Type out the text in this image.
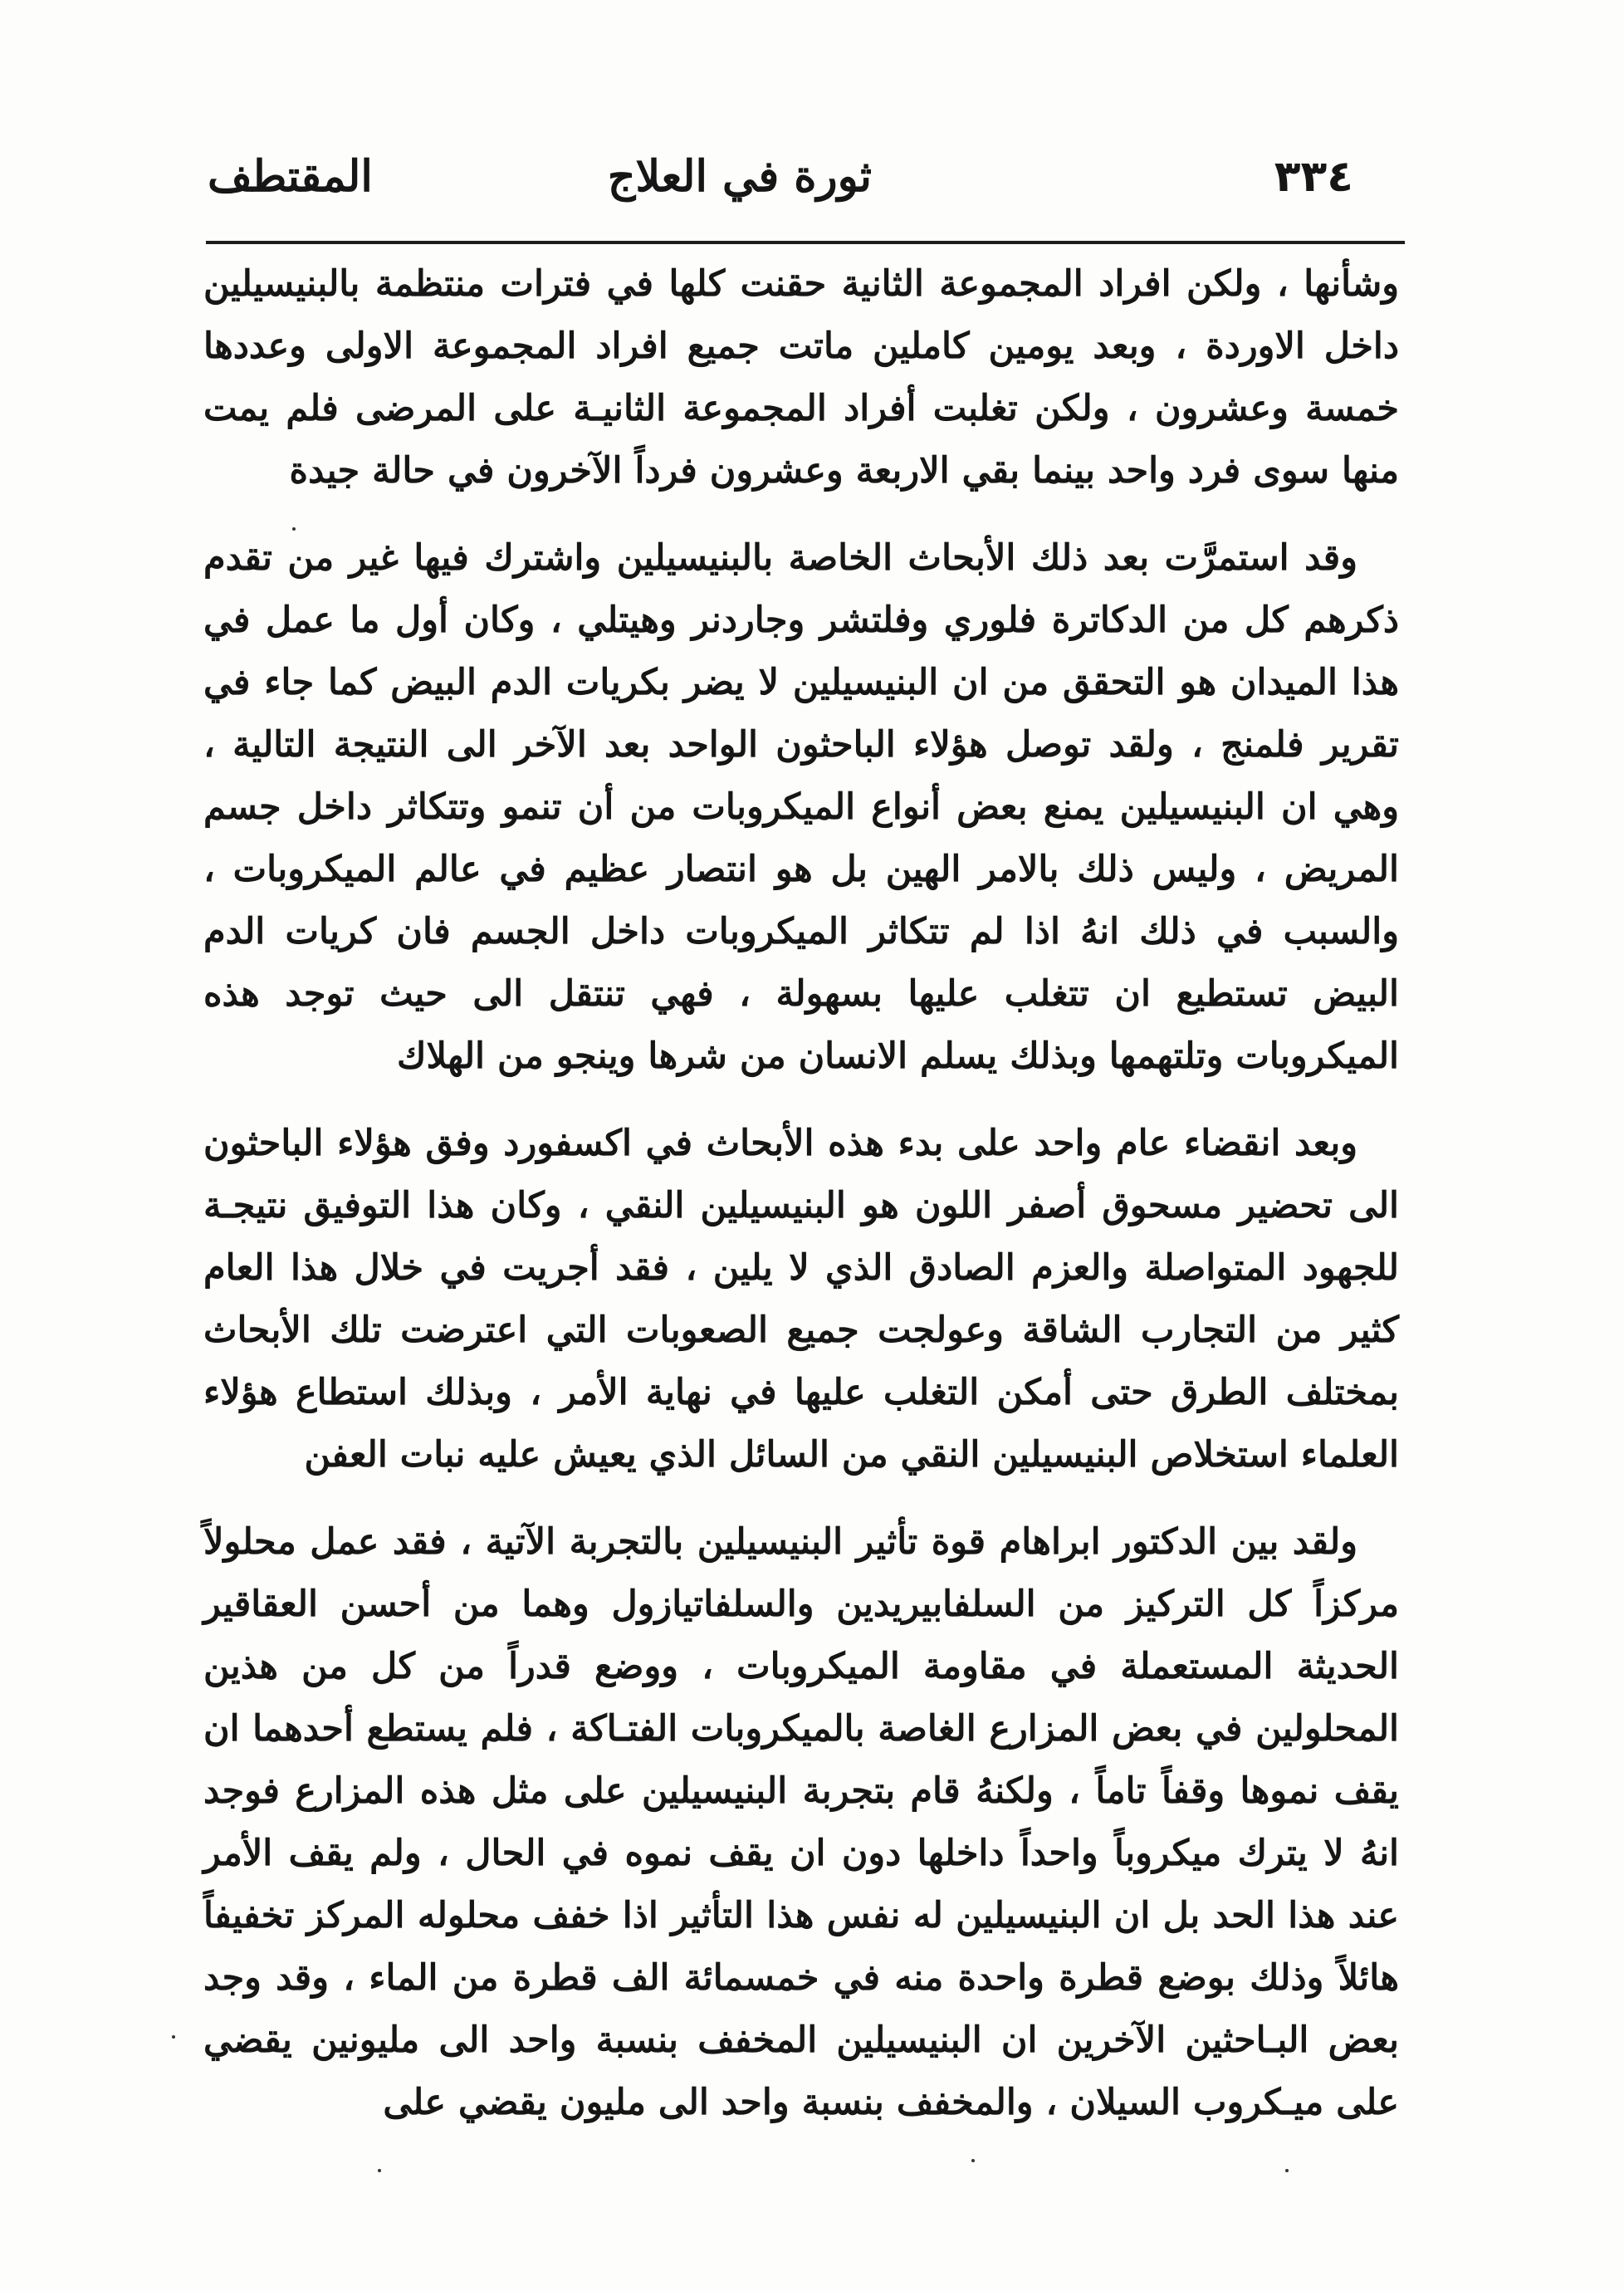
٣٣٤
ثورة في العلاج
المقتطف

وشأنها ، ولكن افراد المجموعة الثانية حقنت كلها في فترات منتظمة بالبنيسيلين داخل الاوردة ، وبعد يومين كاملين ماتت جميع افراد المجموعة الاولى وعددها خمسة وعشرون ، ولكن تغلبت أفراد المجموعة الثانيـة على المرضى فلم يمت منها سوى فرد واحد بينما بقي الاربعة وعشرون فرداً الآخرون في حالة جيدة

وقد استمرَّت بعد ذلك الأبحاث الخاصة بالبنيسيلين واشترك فيها غير من تقدم ذكرهم كل من الدكاترة فلوري وفلتشر وجاردنر وهيتلي ، وكان أول ما عمل في هذا الميدان هو التحقق من ان البنيسيلين لا يضر بكريات الدم البيض كما جاء في تقرير فلمنج ، ولقد توصل هؤلاء الباحثون الواحد بعد الآخر الى النتيجة التالية ، وهي ان البنيسيلين يمنع بعض أنواع الميكروبات من أن تنمو وتتكاثر داخل جسم المريض ، وليس ذلك بالامر الهين بل هو انتصار عظيم في عالم الميكروبات ، والسبب في ذلك انهُ اذا لم تتكاثر الميكروبات داخل الجسم فان كريات الدم البيض تستطيع ان تتغلب عليها بسهولة ، فهي تنتقل الى حيث توجد هذه الميكروبات وتلتهمها وبذلك يسلم الانسان من شرها وينجو من الهلاك

وبعد انقضاء عام واحد على بدء هذه الأبحاث في اكسفورد وفق هؤلاء الباحثون الى تحضير مسحوق أصفر اللون هو البنيسيلين النقي ، وكان هذا التوفيق نتيجـة للجهود المتواصلة والعزم الصادق الذي لا يلين ، فقد أجريت في خلال هذا العام كثير من التجارب الشاقة وعولجت جميع الصعوبات التي اعترضت تلك الأبحاث بمختلف الطرق حتى أمكن التغلب عليها في نهاية الأمر ، وبذلك استطاع هؤلاء العلماء استخلاص البنيسيلين النقي من السائل الذي يعيش عليه نبات العفن

ولقد بين الدكتور ابراهام قوة تأثير البنيسيلين بالتجربة الآتية ، فقد عمل محلولاً مركزاً كل التركيز من السلفابيريدين والسلفاتيازول وهما من أحسن العقاقير الحديثة المستعملة في مقاومة الميكروبات ، ووضع قدراً من كل من هذين المحلولين في بعض المزارع الغاصة بالميكروبات الفتـاكة ، فلم يستطع أحدهما ان يقف نموها وقفاً تاماً ، ولكنهُ قام بتجربة البنيسيلين على مثل هذه المزارع فوجد انهُ لا يترك ميكروباً واحداً داخلها دون ان يقف نموه في الحال ، ولم يقف الأمر عند هذا الحد بل ان البنيسيلين له نفس هذا التأثير اذا خفف محلوله المركز تخفيفاً هائلاً وذلك بوضع قطرة واحدة منه في خمسمائة الف قطرة من الماء ، وقد وجد بعض البـاحثين الآخرين ان البنيسيلين المخفف بنسبة واحد الى مليونين يقضي على ميـكروب السيلان ، والمخفف بنسبة واحد الى مليون يقضي على
